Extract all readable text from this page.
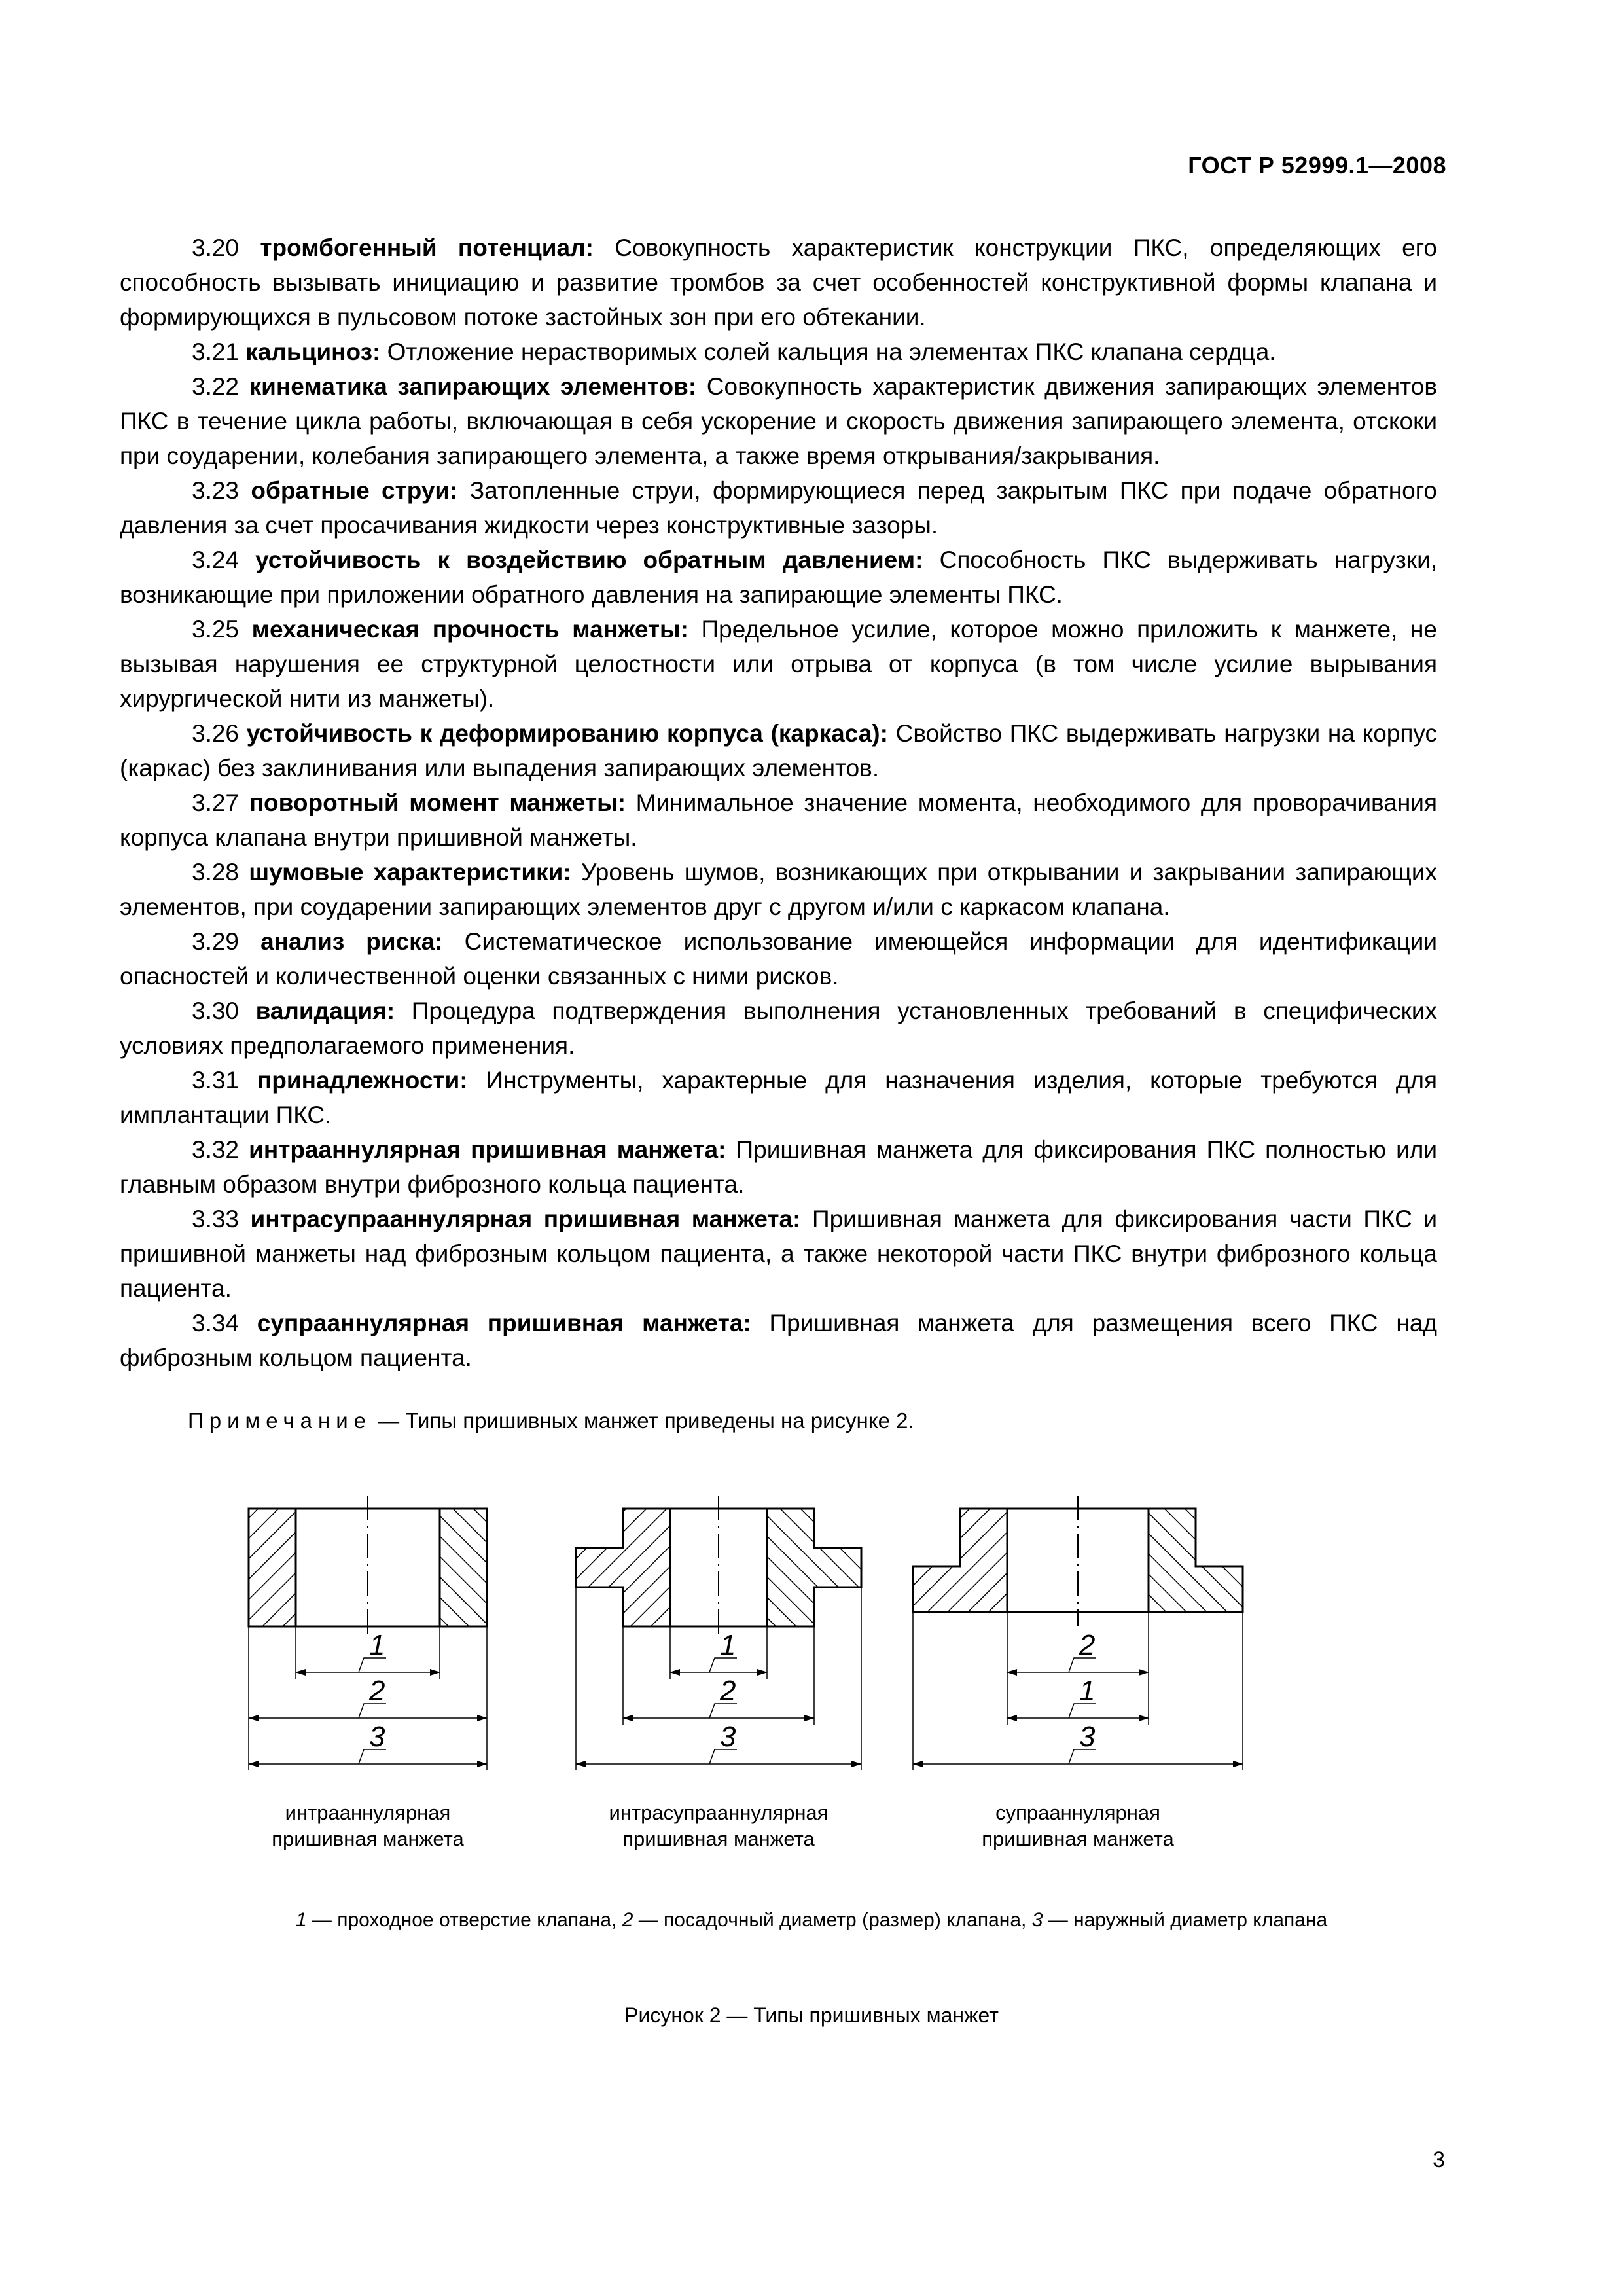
ГОСТ Р 52999.1—2008

3.20 тромбогенный потенциал: Совокупность характеристик конструкции ПКС, определяющих его способность вызывать инициацию и развитие тромбов за счет особенностей конструктивной формы клапана и формирующихся в пульсовом потоке застойных зон при его обтекании.

3.21 кальциноз: Отложение нерастворимых солей кальция на элементах ПКС клапана сердца.

3.22 кинематика запирающих элементов: Совокупность характеристик движения запирающих элементов ПКС в течение цикла работы, включающая в себя ускорение и скорость движения запирающего элемента, отскоки при соударении, колебания запирающего элемента, а также время открывания/закрывания.

3.23 обратные струи: Затопленные струи, формирующиеся перед закрытым ПКС при подаче обратного давления за счет просачивания жидкости через конструктивные зазоры.

3.24 устойчивость к воздействию обратным давлением: Способность ПКС выдерживать нагрузки, возникающие при приложении обратного давления на запирающие элементы ПКС.

3.25 механическая прочность манжеты: Предельное усилие, которое можно приложить к манжете, не вызывая нарушения ее структурной целостности или отрыва от корпуса (в том числе усилие вырывания хирургической нити из манжеты).

3.26 устойчивость к деформированию корпуса (каркаса): Свойство ПКС выдерживать нагрузки на корпус (каркас) без заклинивания или выпадения запирающих элементов.

3.27 поворотный момент манжеты: Минимальное значение момента, необходимого для проворачивания корпуса клапана внутри пришивной манжеты.

3.28 шумовые характеристики: Уровень шумов, возникающих при открывании и закрывании запирающих элементов, при соударении запирающих элементов друг с другом и/или с каркасом клапана.

3.29 анализ риска: Систематическое использование имеющейся информации для идентификации опасностей и количественной оценки связанных с ними рисков.

3.30 валидация: Процедура подтверждения выполнения установленных требований в специфических условиях предполагаемого применения.

3.31 принадлежности: Инструменты, характерные для назначения изделия, которые требуются для имплантации ПКС.

3.32 интрааннулярная пришивная манжета: Пришивная манжета для фиксирования ПКС полностью или главным образом внутри фиброзного кольца пациента.

3.33 интрасупрааннулярная пришивная манжета: Пришивная манжета для фиксирования части ПКС и пришивной манжеты над фиброзным кольцом пациента, а также некоторой части ПКС внутри фиброзного кольца пациента.

3.34 супрааннулярная пришивная манжета: Пришивная манжета для размещения всего ПКС над фиброзным кольцом пациента.

Примечание — Типы пришивных манжет приведены на рисунке 2.
1
2
3
1
2
3
2
1
3
интрааннулярная
пришивная манжета
интрасупрааннулярная
пришивная манжета
супрааннулярная
пришивная манжета
1 — проходное отверстие клапана, 2 — посадочный диаметр (размер) клапана, 3 — наружный диаметр клапана
Рисунок 2 — Типы пришивных манжет
3
